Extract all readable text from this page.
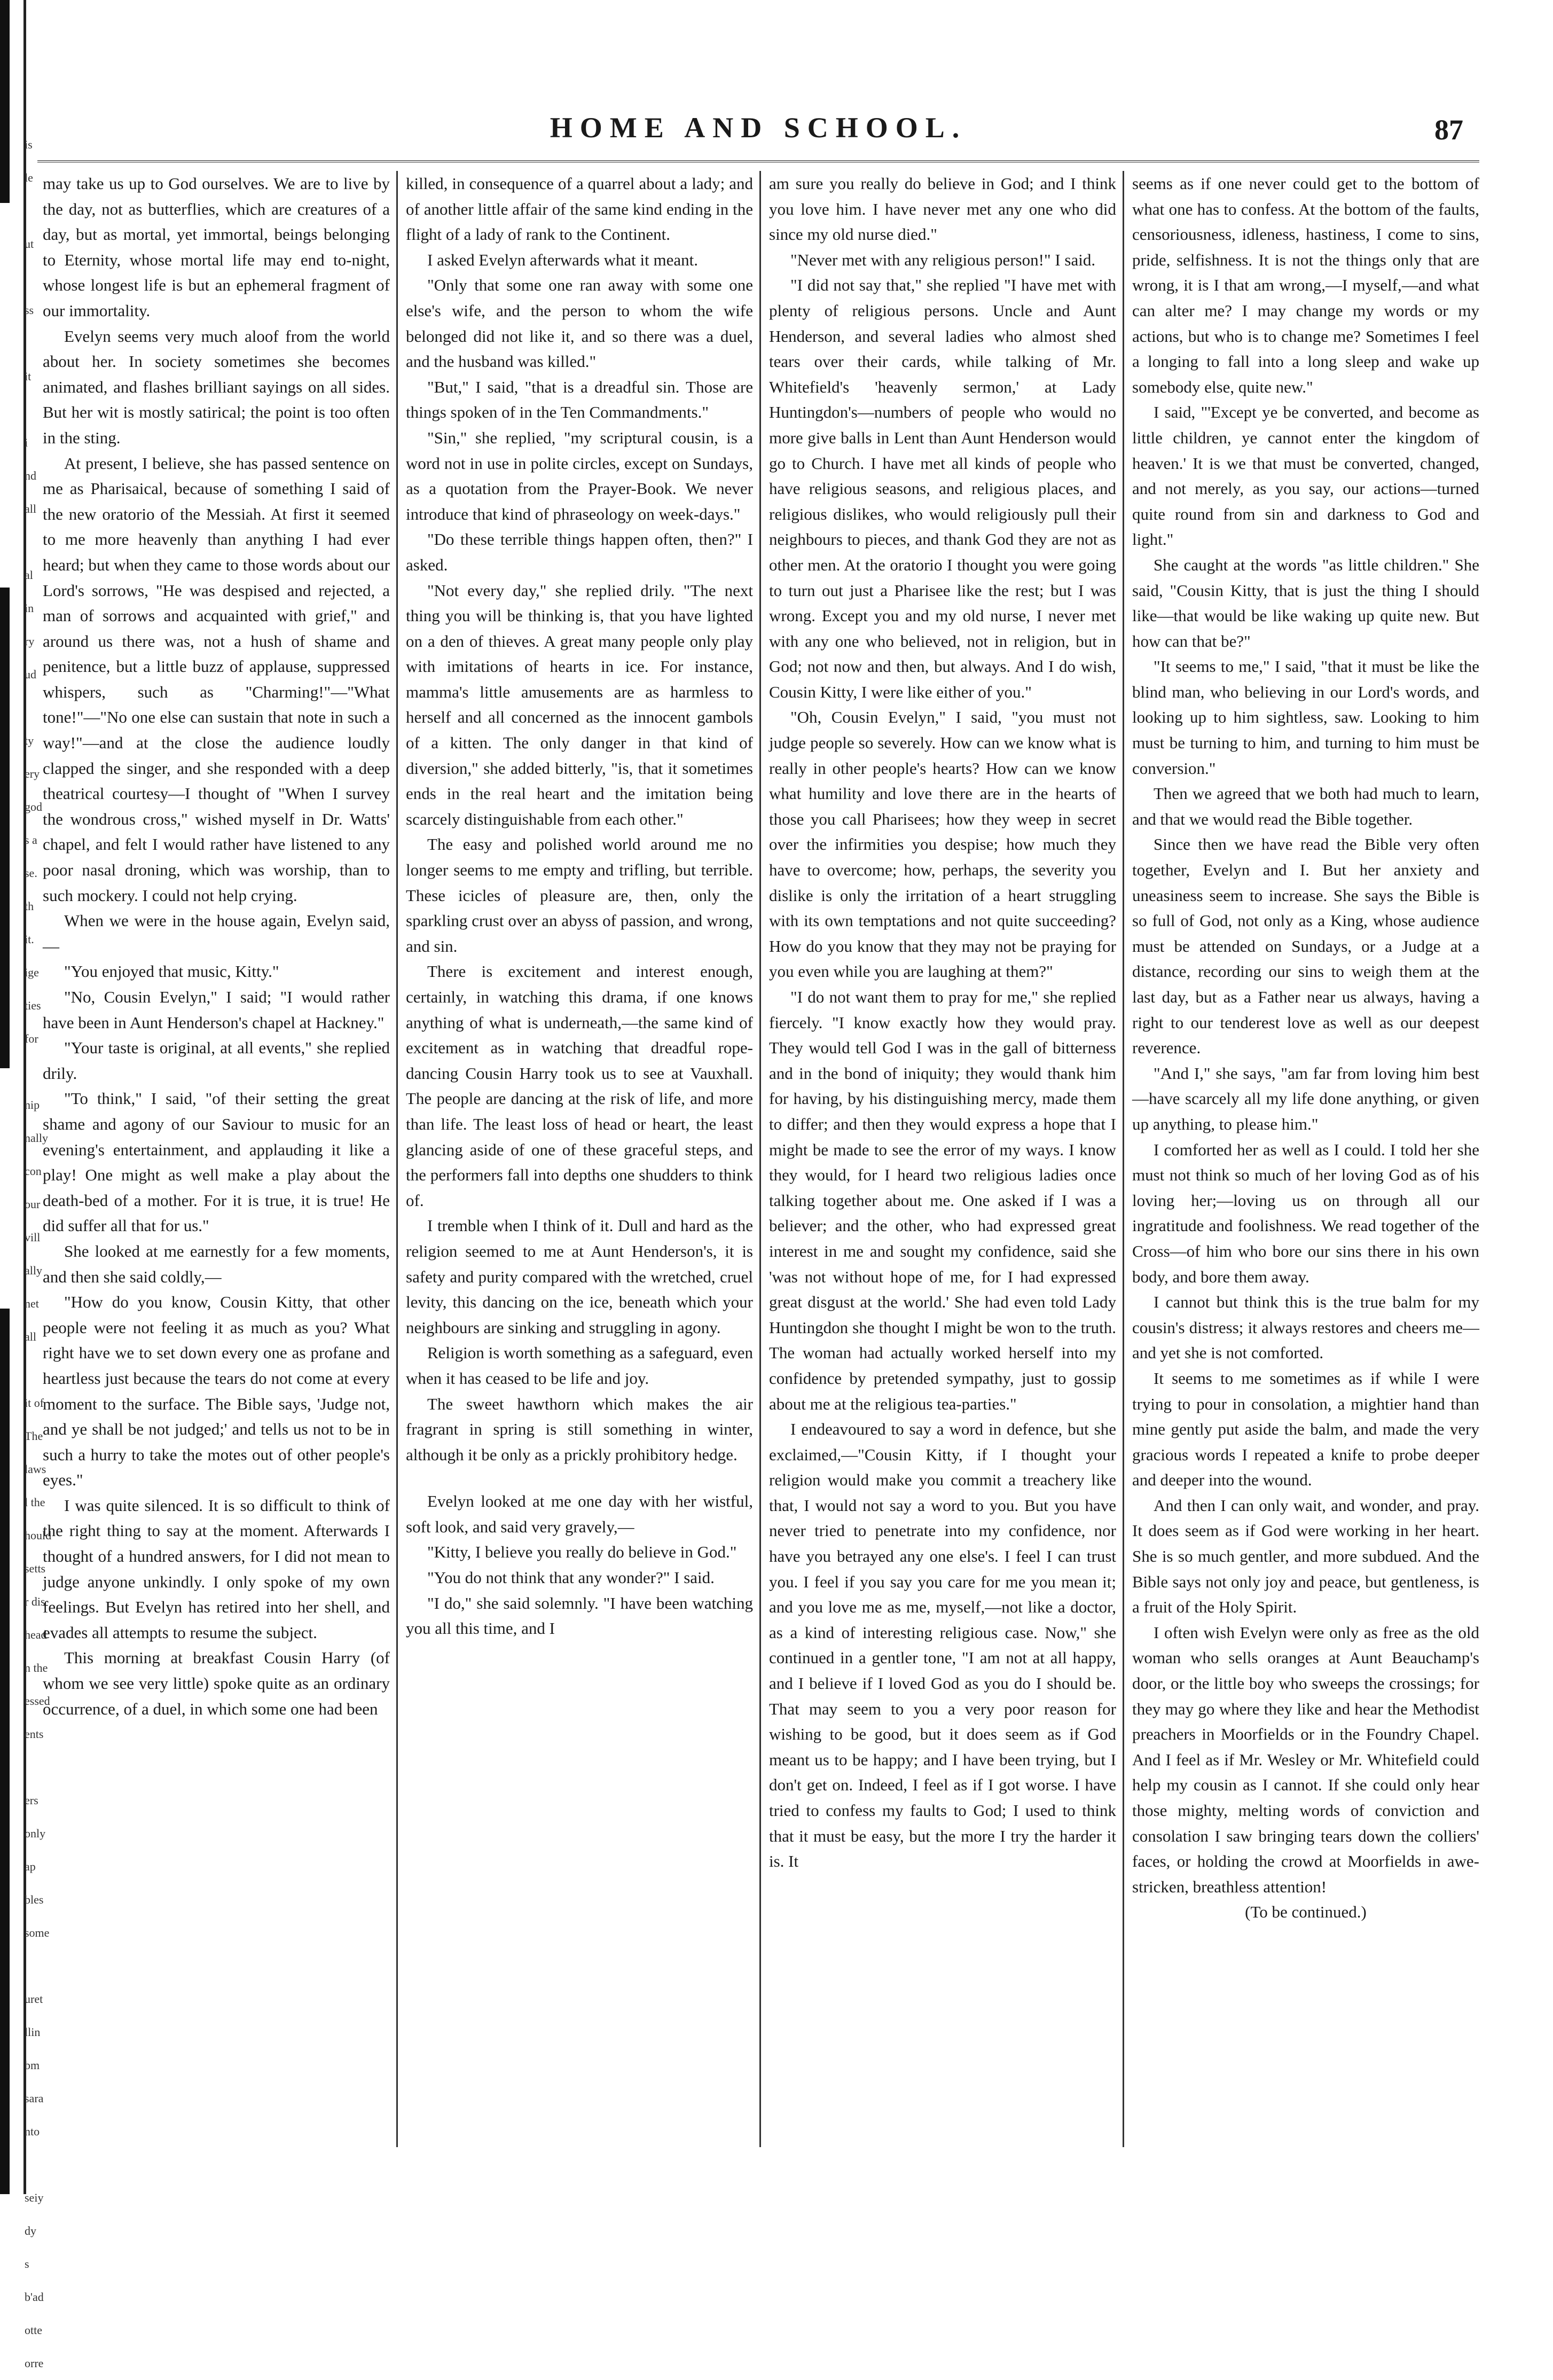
is
le

ut

ss

it

i
nd
all

al
in
ry
ud

ty
ery
god
s a
se.
th
it.
ige
ties
for

nip
nally
con
our
vill
ally
net
all

it of
The
laws
l the
hould
setts
r dis
head
n the
essed
ents

ers
only
ap
bles
some

uret
llin
bm
sara
nto

seiy
dy
s
b'ad
otte
orre
HOME AND SCHOOL.	87

may take us up to God ourselves. We are to live by the day, not as butterflies, which are creatures of a day, but as mortal, yet immortal, beings belonging to Eternity, whose mortal life may end to-night, whose longest life is but an ephemeral fragment of our immortality.

Evelyn seems very much aloof from the world about her. In society sometimes she becomes animated, and flashes brilliant sayings on all sides. But her wit is mostly satirical; the point is too often in the sting.

At present, I believe, she has passed sentence on me as Pharisaical, because of something I said of the new oratorio of the Messiah. At first it seemed to me more heavenly than anything I had ever heard; but when they came to those words about our Lord's sorrows, "He was despised and rejected, a man of sorrows and acquainted with grief," and around us there was, not a hush of shame and penitence, but a little buzz of applause, suppressed whispers, such as "Charming!"—"What tone!"—"No one else can sustain that note in such a way!"—and at the close the audience loudly clapped the singer, and she responded with a deep theatrical courtesy—I thought of "When I survey the wondrous cross," wished myself in Dr. Watts' chapel, and felt I would rather have listened to any poor nasal droning, which was worship, than to such mockery. I could not help crying.

When we were in the house again, Evelyn said,—

"You enjoyed that music, Kitty."

"No, Cousin Evelyn," I said; "I would rather have been in Aunt Henderson's chapel at Hackney."

"Your taste is original, at all events," she replied drily.

"To think," I said, "of their setting the great shame and agony of our Saviour to music for an evening's entertainment, and applauding it like a play! One might as well make a play about the death-bed of a mother. For it is true, it is true! He did suffer all that for us."

She looked at me earnestly for a few moments, and then she said coldly,—

"How do you know, Cousin Kitty, that other people were not feeling it as much as you? What right have we to set down every one as profane and heartless just because the tears do not come at every moment to the surface. The Bible says, 'Judge not, and ye shall be not judged;' and tells us not to be in such a hurry to take the motes out of other people's eyes."

I was quite silenced. It is so difficult to think of the right thing to say at the moment. Afterwards I thought of a hundred answers, for I did not mean to judge anyone unkindly. I only spoke of my own feelings. But Evelyn has retired into her shell, and evades all attempts to resume the subject.

This morning at breakfast Cousin Harry (of whom we see very little) spoke quite as an ordinary occurrence, of a duel, in which some one had been

killed, in consequence of a quarrel about a lady; and of another little affair of the same kind ending in the flight of a lady of rank to the Continent.

I asked Evelyn afterwards what it meant.

"Only that some one ran away with some one else's wife, and the person to whom the wife belonged did not like it, and so there was a duel, and the husband was killed."

"But," I said, "that is a dreadful sin. Those are things spoken of in the Ten Commandments."

"Sin," she replied, "my scriptural cousin, is a word not in use in polite circles, except on Sundays, as a quotation from the Prayer-Book. We never introduce that kind of phraseology on week-days."

"Do these terrible things happen often, then?" I asked.

"Not every day," she replied drily. "The next thing you will be thinking is, that you have lighted on a den of thieves. A great many people only play with imitations of hearts in ice. For instance, mamma's little amusements are as harmless to herself and all concerned as the innocent gambols of a kitten. The only danger in that kind of diversion," she added bitterly, "is, that it sometimes ends in the real heart and the imitation being scarcely distinguishable from each other."

The easy and polished world around me no longer seems to me empty and trifling, but terrible. These icicles of pleasure are, then, only the sparkling crust over an abyss of passion, and wrong, and sin.

There is excitement and interest enough, certainly, in watching this drama, if one knows anything of what is underneath,—the same kind of excitement as in watching that dreadful rope-dancing Cousin Harry took us to see at Vauxhall. The people are dancing at the risk of life, and more than life. The least loss of head or heart, the least glancing aside of one of these graceful steps, and the performers fall into depths one shudders to think of.

I tremble when I think of it. Dull and hard as the religion seemed to me at Aunt Henderson's, it is safety and purity compared with the wretched, cruel levity, this dancing on the ice, beneath which your neighbours are sinking and struggling in agony.

Religion is worth something as a safeguard, even when it has ceased to be life and joy.

The sweet hawthorn which makes the air fragrant in spring is still something in winter, although it be only as a prickly prohibitory hedge.

Evelyn looked at me one day with her wistful, soft look, and said very gravely,—

"Kitty, I believe you really do believe in God."

"You do not think that any wonder?" I said.

"I do," she said solemnly. "I have been watching you all this time, and I

am sure you really do believe in God; and I think you love him. I have never met any one who did since my old nurse died."

"Never met with any religious person!" I said.

"I did not say that," she replied "I have met with plenty of religious persons. Uncle and Aunt Henderson, and several ladies who almost shed tears over their cards, while talking of Mr. Whitefield's 'heavenly sermon,' at Lady Huntingdon's—numbers of people who would no more give balls in Lent than Aunt Henderson would go to Church. I have met all kinds of people who have religious seasons, and religious places, and religious dislikes, who would religiously pull their neighbours to pieces, and thank God they are not as other men. At the oratorio I thought you were going to turn out just a Pharisee like the rest; but I was wrong. Except you and my old nurse, I never met with any one who believed, not in religion, but in God; not now and then, but always. And I do wish, Cousin Kitty, I were like either of you."

"Oh, Cousin Evelyn," I said, "you must not judge people so severely. How can we know what is really in other people's hearts? How can we know what humility and love there are in the hearts of those you call Pharisees; how they weep in secret over the infirmities you despise; how much they have to overcome; how, perhaps, the severity you dislike is only the irritation of a heart struggling with its own temptations and not quite succeeding? How do you know that they may not be praying for you even while you are laughing at them?"

"I do not want them to pray for me," she replied fiercely. "I know exactly how they would pray. They would tell God I was in the gall of bitterness and in the bond of iniquity; they would thank him for having, by his distinguishing mercy, made them to differ; and then they would express a hope that I might be made to see the error of my ways. I know they would, for I heard two religious ladies once talking together about me. One asked if I was a believer; and the other, who had expressed great interest in me and sought my confidence, said she 'was not without hope of me, for I had expressed great disgust at the world.' She had even told Lady Huntingdon she thought I might be won to the truth. The woman had actually worked herself into my confidence by pretended sympathy, just to gossip about me at the religious tea-parties."

I endeavoured to say a word in defence, but she exclaimed,—"Cousin Kitty, if I thought your religion would make you commit a treachery like that, I would not say a word to you. But you have never tried to penetrate into my confidence, nor have you betrayed any one else's. I feel I can trust you. I feel if you say you care for me you mean it; and you love me as me, myself,—not like a doctor, as a kind of interesting religious case. Now," she continued in a gentler tone, "I am not at all happy, and I believe if I loved God as you do I should be. That may seem to you a very poor reason for wishing to be good, but it does seem as if God meant us to be happy; and I have been trying, but I don't get on. Indeed, I feel as if I got worse. I have tried to confess my faults to God; I used to think that it must be easy, but the more I try the harder it is. It

seems as if one never could get to the bottom of what one has to confess. At the bottom of the faults, censoriousness, idleness, hastiness, I come to sins, pride, selfishness. It is not the things only that are wrong, it is I that am wrong,—I myself,—and what can alter me? I may change my words or my actions, but who is to change me? Sometimes I feel a longing to fall into a long sleep and wake up somebody else, quite new."

I said, "'Except ye be converted, and become as little children, ye cannot enter the kingdom of heaven.' It is we that must be converted, changed, and not merely, as you say, our actions—turned quite round from sin and darkness to God and light."

She caught at the words "as little children." She said, "Cousin Kitty, that is just the thing I should like—that would be like waking up quite new. But how can that be?"

"It seems to me," I said, "that it must be like the blind man, who believing in our Lord's words, and looking up to him sightless, saw. Looking to him must be turning to him, and turning to him must be conversion."

Then we agreed that we both had much to learn, and that we would read the Bible together.

Since then we have read the Bible very often together, Evelyn and I. But her anxiety and uneasiness seem to increase. She says the Bible is so full of God, not only as a King, whose audience must be attended on Sundays, or a Judge at a distance, recording our sins to weigh them at the last day, but as a Father near us always, having a right to our tenderest love as well as our deepest reverence.

"And I," she says, "am far from loving him best—have scarcely all my life done anything, or given up anything, to please him."

I comforted her as well as I could. I told her she must not think so much of her loving God as of his loving her;—loving us on through all our ingratitude and foolishness. We read together of the Cross—of him who bore our sins there in his own body, and bore them away.

I cannot but think this is the true balm for my cousin's distress; it always restores and cheers me—and yet she is not comforted.

It seems to me sometimes as if while I were trying to pour in consolation, a mightier hand than mine gently put aside the balm, and made the very gracious words I repeated a knife to probe deeper and deeper into the wound.

And then I can only wait, and wonder, and pray. It does seem as if God were working in her heart. She is so much gentler, and more subdued. And the Bible says not only joy and peace, but gentleness, is a fruit of the Holy Spirit.

I often wish Evelyn were only as free as the old woman who sells oranges at Aunt Beauchamp's door, or the little boy who sweeps the crossings; for they may go where they like and hear the Methodist preachers in Moorfields or in the Foundry Chapel. And I feel as if Mr. Wesley or Mr. Whitefield could help my cousin as I cannot. If she could only hear those mighty, melting words of conviction and consolation I saw bringing tears down the colliers' faces, or holding the crowd at Moorfields in awe-stricken, breathless attention!

(To be continued.)
